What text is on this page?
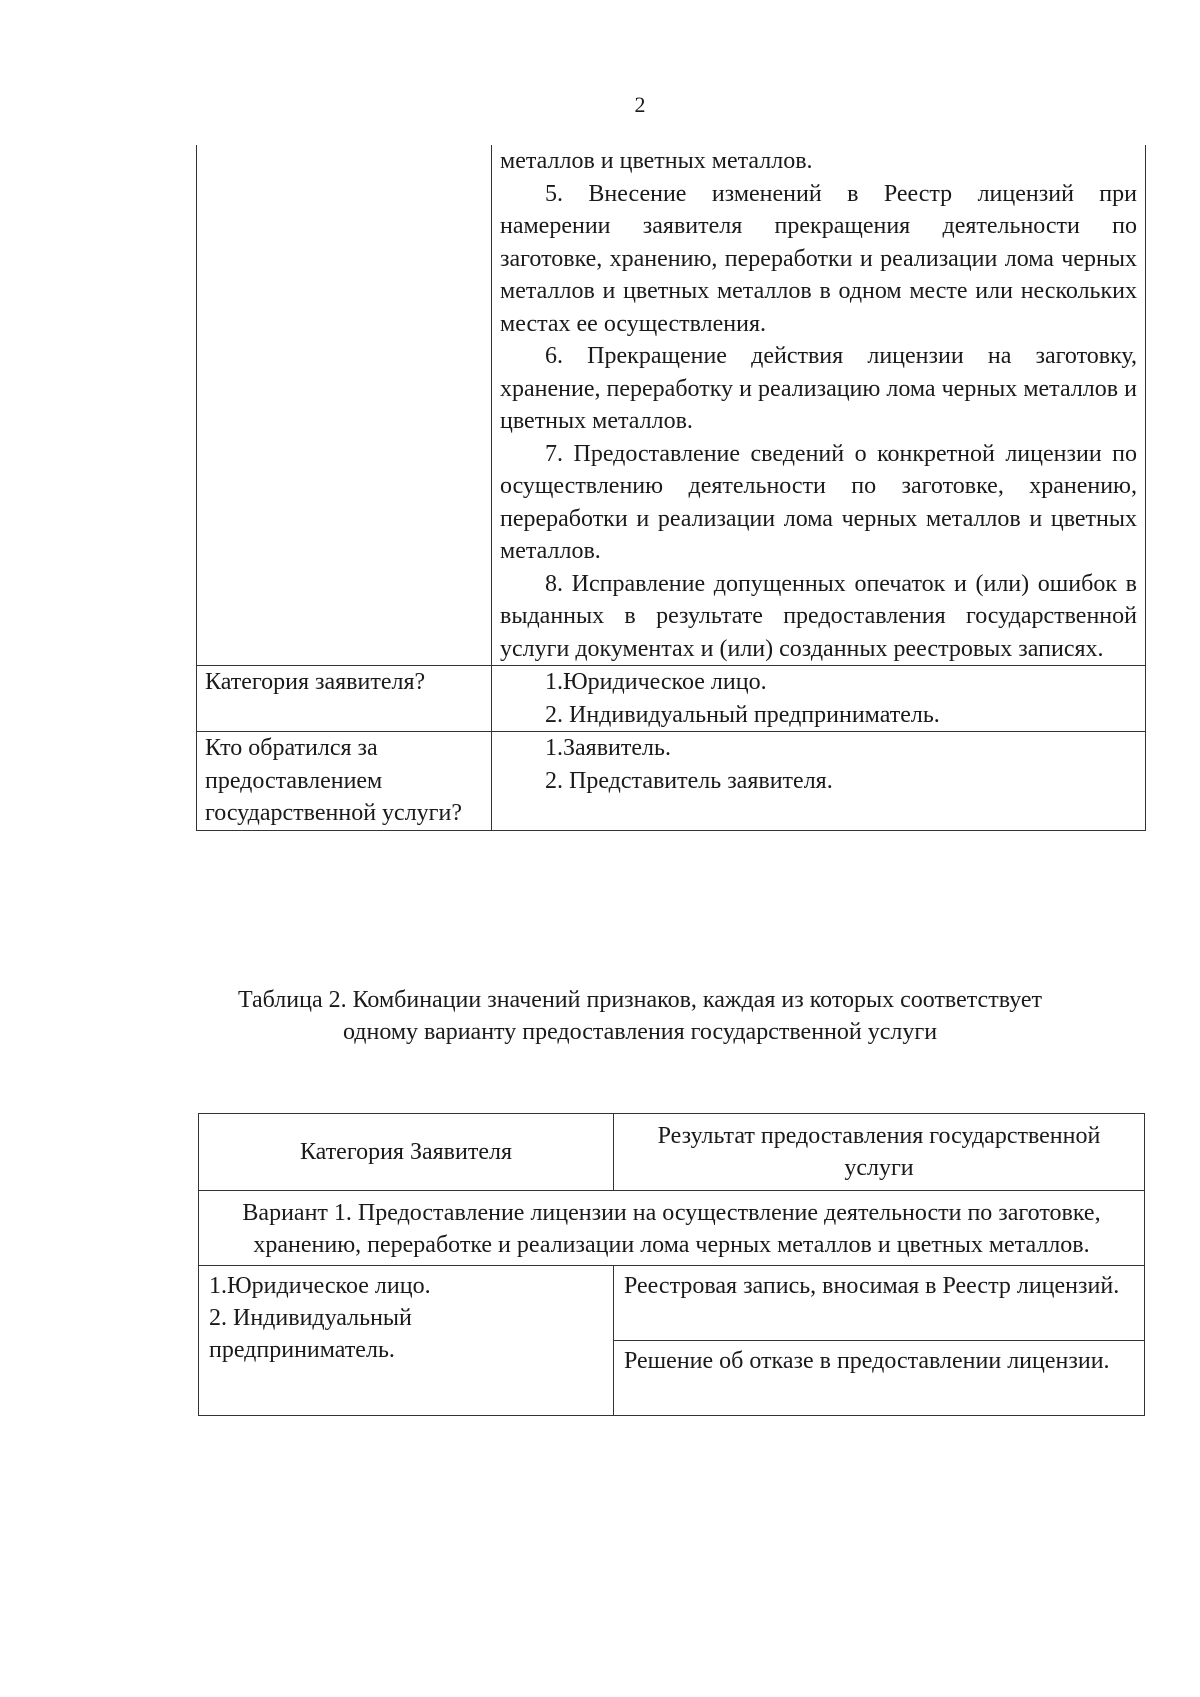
2

	металлов и цветных металлов.

5. Внесение изменений в Реестр лицензий при намерении заявителя прекращения деятельности по заготовке, хранению, переработки и реализации лома черных металлов и цветных металлов в одном месте или нескольких местах ее осуществления.

6. Прекращение действия лицензии на заготовку, хранение, переработку и реализацию лома черных металлов и цветных металлов.

7. Предоставление сведений о конкретной лицензии по осуществлению деятельности по заготовке, хранению, переработки и реализации лома черных металлов и цветных металлов.

8. Исправление допущенных опечаток и (или) ошибок в выданных в результате предоставления государственной услуги документах и (или) созданных реестровых записях.

Категория заявителя?	1.Юридическое лицо.

2. Индивидуальный предприниматель.

Кто обратился за предоставлением государственной услуги?	1.Заявитель.

2. Представитель заявителя.

Таблица 2. Комбинации значений признаков, каждая из которых соответствует одному варианту предоставления государственной услуги
Категория Заявителя	Результат предоставления государственной услуги
Вариант 1. Предоставление лицензии на осуществление деятельности по заготовке, хранению, переработке и реализации лома черных металлов и цветных металлов.	

1.Юридическое лицо.
2. Индивидуальный
предприниматель.	Реестровая запись, вносимая в Реестр лицензий.
	Решение об отказе в предоставлении лицензии.
